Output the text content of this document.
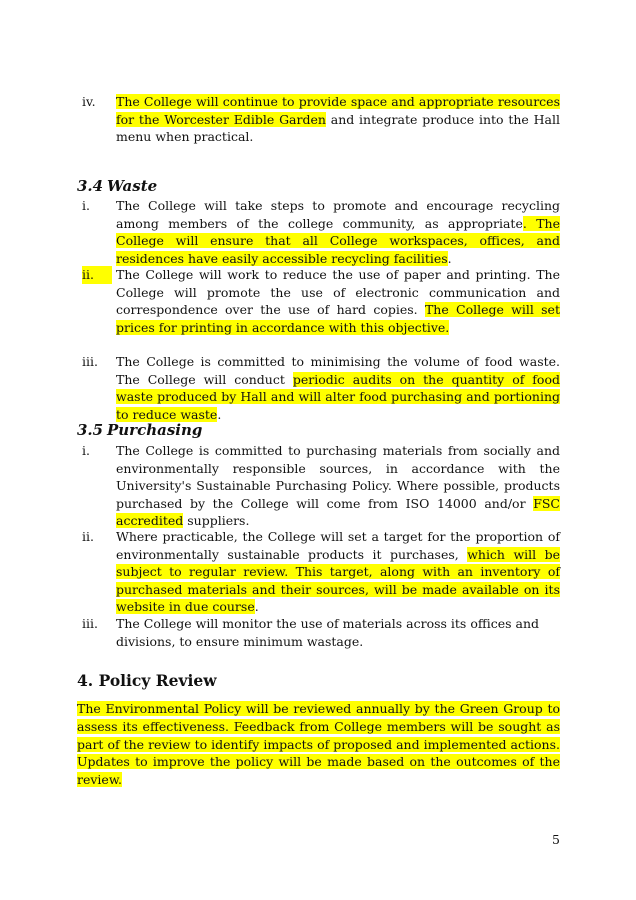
iv.	The College will continue to provide space and appropriate resources for the Worcester Edible Garden and integrate produce into the Hall menu when practical.
3.4 Waste
i.	The College will take steps to promote and encourage recycling among members of the college community, as appropriate. The College will ensure that all College workspaces, offices, and residences have easily accessible recycling facilities.
ii.	The College will work to reduce the use of paper and printing. The College will promote the use of electronic communication and correspondence over the use of hard copies. The College will set prices for printing in accordance with this objective.
iii.	The College is committed to minimising the volume of food waste. The College will conduct periodic audits on the quantity of food waste produced by Hall and will alter food purchasing and portioning to reduce waste.
3.5 Purchasing
i.	The College is committed to purchasing materials from socially and environmentally responsible sources, in accordance with the University's Sustainable Purchasing Policy. Where possible, products purchased by the College will come from ISO 14000 and/or FSC accredited suppliers.
ii.	Where practicable, the College will set a target for the proportion of environmentally sustainable products it purchases, which will be subject to regular review. This target, along with an inventory of purchased materials and their sources, will be made available on its website in due course.
iii.	The College will monitor the use of materials across its offices and divisions, to ensure minimum wastage.
4. Policy Review
The Environmental Policy will be reviewed annually by the Green Group to assess its effectiveness. Feedback from College members will be sought as part of the review to identify impacts of proposed and implemented actions. Updates to improve the policy will be made based on the outcomes of the review.
5
